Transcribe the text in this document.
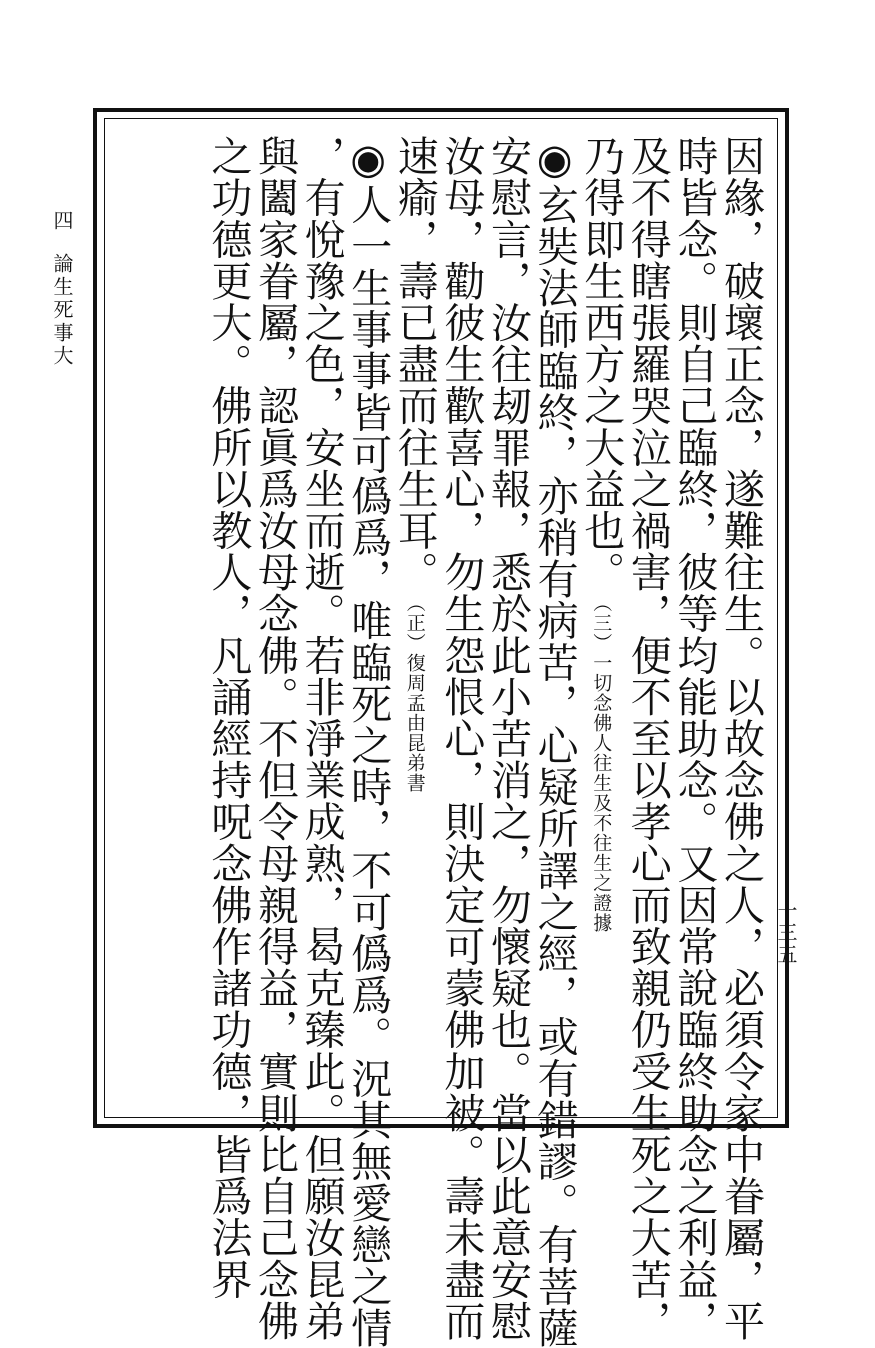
四論生死事大
一三五
因緣，破壞正念，遂難往生。以故念佛之人，必須令家中眷屬，平
時皆念。則自己臨終，彼等均能助念。又因常說臨終助念之利益，
及不得瞎張羅哭泣之禍害，便不至以孝心而致親仍受生死之大苦，
乃得即生西方之大益也。（三）一切念佛人往生及不往生之證據
◉玄奘法師臨終，亦稍有病苦，心疑所譯之經，或有錯謬。有菩薩
安慰言，汝往刼罪報，悉於此小苦消之，勿懷疑也。當以此意安慰
汝母，勸彼生歡喜心，勿生怨恨心，則決定可蒙佛加被。壽未盡而
速瘉，壽已盡而往生耳。（正）復周孟由昆弟書
◉人一生事事皆可僞爲，唯臨死之時，不可僞爲。況其無愛戀之情
，有悅豫之色，安坐而逝。若非淨業成熟，曷克臻此。但願汝昆弟
與闔家眷屬，認眞爲汝母念佛。不但令母親得益，實則比自己念佛
之功德更大。佛所以教人，凡誦經持呪念佛作諸功德，皆爲法界
